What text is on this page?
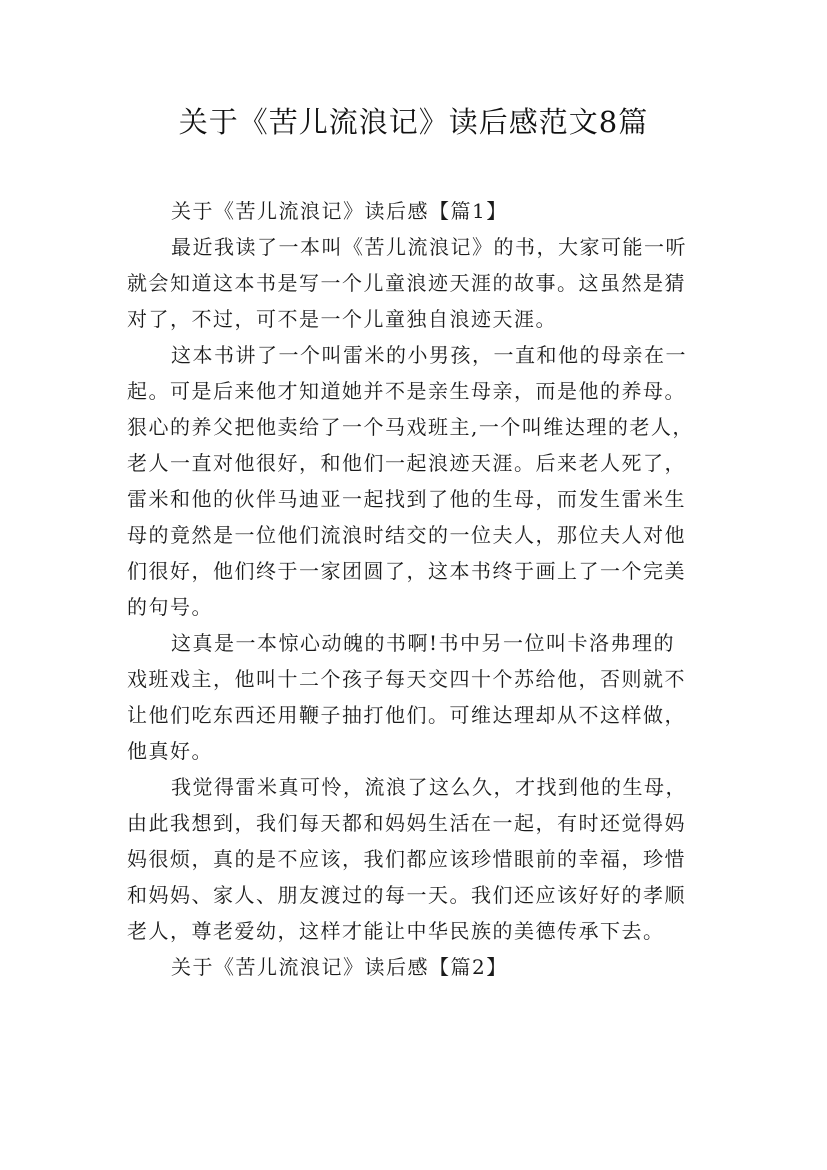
关于《苦儿流浪记》读后感范文8篇
关于《苦儿流浪记》读后感【篇1】
最近我读了一本叫《苦儿流浪记》的书，大家可能一听
就会知道这本书是写一个儿童浪迹天涯的故事。这虽然是猜
对了，不过，可不是一个儿童独自浪迹天涯。
这本书讲了一个叫雷米的小男孩，一直和他的母亲在一
起。可是后来他才知道她并不是亲生母亲，而是他的养母。
狠心的养父把他卖给了一个马戏班主,一个叫维达理的老人，
老人一直对他很好，和他们一起浪迹天涯。后来老人死了，
雷米和他的伙伴马迪亚一起找到了他的生母，而发生雷米生
母的竟然是一位他们流浪时结交的一位夫人，那位夫人对他
们很好，他们终于一家团圆了，这本书终于画上了一个完美
的句号。
这真是一本惊心动魄的书啊!书中另一位叫卡洛弗理的
戏班戏主，他叫十二个孩子每天交四十个苏给他，否则就不
让他们吃东西还用鞭子抽打他们。可维达理却从不这样做，
他真好。
我觉得雷米真可怜，流浪了这么久，才找到他的生母，
由此我想到，我们每天都和妈妈生活在一起，有时还觉得妈
妈很烦，真的是不应该，我们都应该珍惜眼前的幸福，珍惜
和妈妈、家人、朋友渡过的每一天。我们还应该好好的孝顺
老人，尊老爱幼，这样才能让中华民族的美德传承下去。
关于《苦儿流浪记》读后感【篇2】
